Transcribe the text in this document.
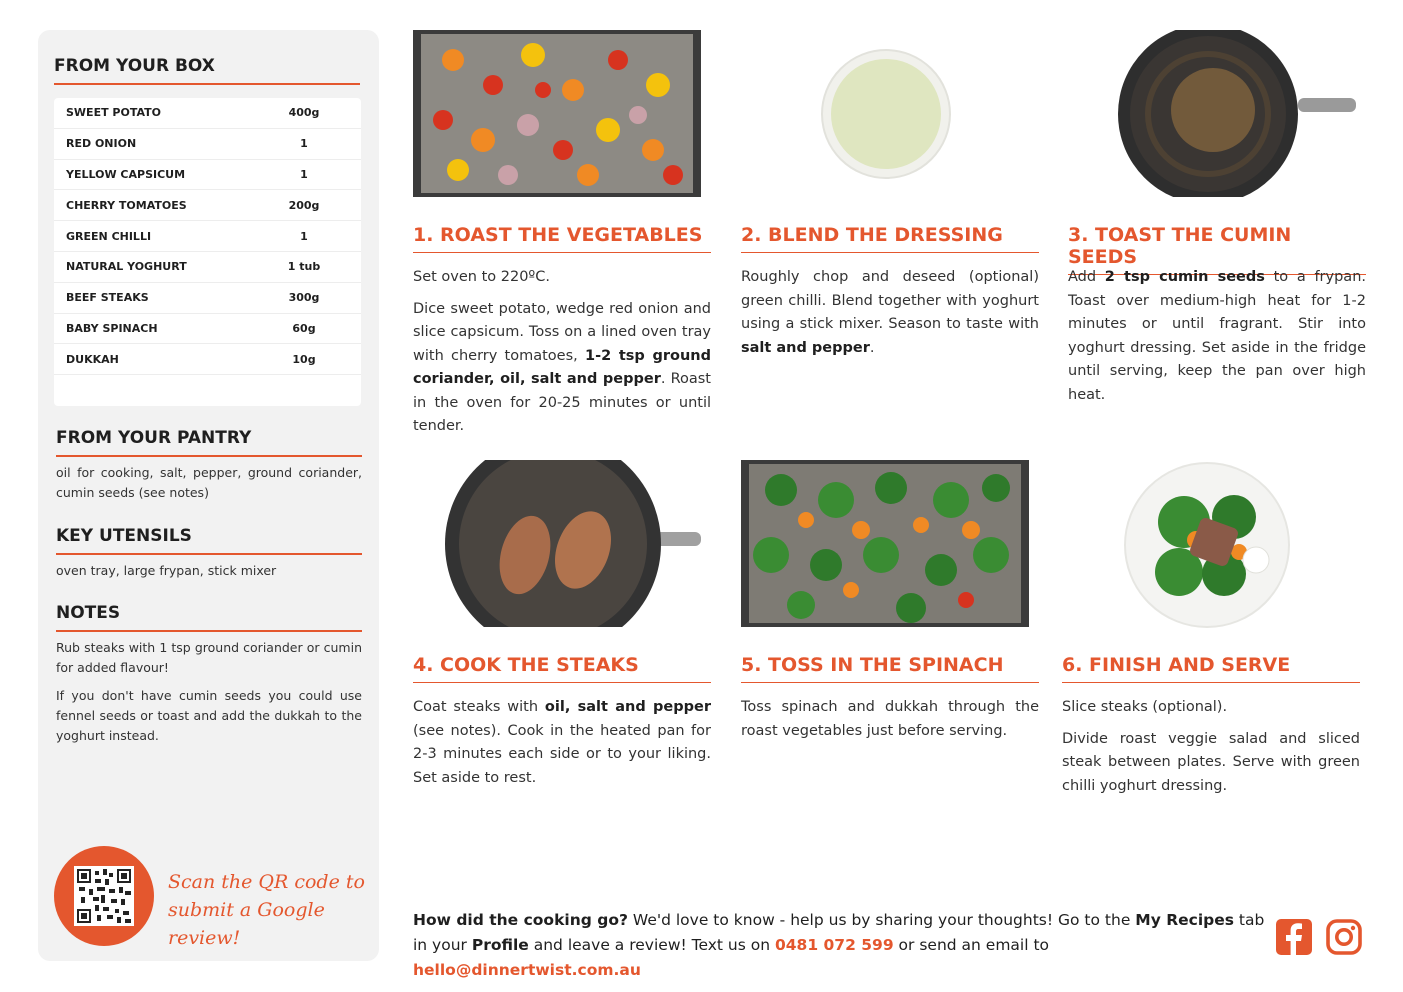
FROM YOUR BOX
SWEET POTATO	400g
RED ONION	1
YELLOW CAPSICUM	1
CHERRY TOMATOES	200g
GREEN CHILLI	1
NATURAL YOGHURT	1 tub
BEEF STEAKS	300g
BABY SPINACH	60g
DUKKAH	10g
FROM YOUR PANTRY
oil for cooking, salt, pepper, ground coriander, cumin seeds (see notes)
KEY UTENSILS
oven tray, large frypan, stick mixer
NOTES
Rub steaks with 1 tsp ground coriander or cumin for added flavour!
If you don't have cumin seeds you could use fennel seeds or toast and add the dukkah to the yoghurt instead.
Scan the QR code to
submit a Google review!
1. ROAST THE VEGETABLES	2. BLEND THE DRESSING	3. TOAST THE CUMIN SEEDS
4. COOK THE STEAKS	5. TOSS IN THE SPINACH	6. FINISH AND SERVE

Set oven to 220ºC.

Dice sweet potato, wedge red onion and slice capsicum. Toss on a lined oven tray with cherry tomatoes, 1-2 tsp ground coriander, oil, salt and pepper. Roast in the oven for 20-25 minutes or until tender.

Roughly chop and deseed (optional) green chilli. Blend together with yoghurt using a stick mixer. Season to taste with salt and pepper.

Add 2 tsp cumin seeds to a frypan. Toast over medium-high heat for 1-2 minutes or until fragrant. Stir into yoghurt dressing. Set aside in the fridge until serving, keep the pan over high heat.

Coat steaks with oil, salt and pepper (see notes). Cook in the heated pan for 2-3 minutes each side or to your liking. Set aside to rest.

Toss spinach and dukkah through the roast vegetables just before serving.

Slice steaks (optional).

Divide roast veggie salad and sliced steak between plates. Serve with green chilli yoghurt dressing.

How did the cooking go? We'd love to know - help us by sharing your thoughts! Go to the My Recipes tab in your Profile and leave a review! Text us on 0481 072 599 or send an email to hello@dinnertwist.com.au
